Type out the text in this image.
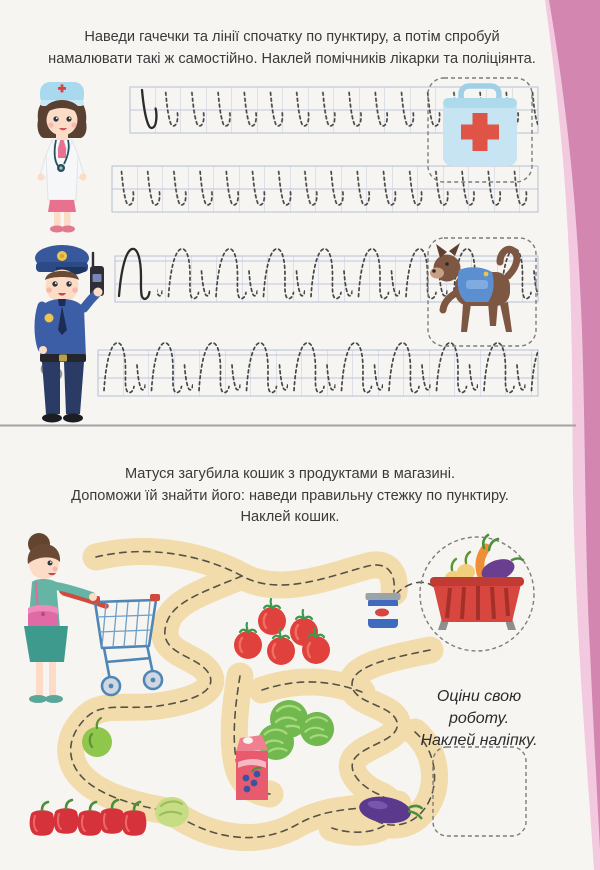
Наведи гачечки та лінії спочатку по пунктиру, а потім спробуй
намалювати такі ж самостійно. Наклей помічників лікарки та поліціянта.
Матуся загубила кошик з продуктами в магазині.
Допоможи їй знайти його: наведи правильну стежку по пунктиру.
Наклей кошик.
Оціни свою роботу.
Наклей наліпку.
